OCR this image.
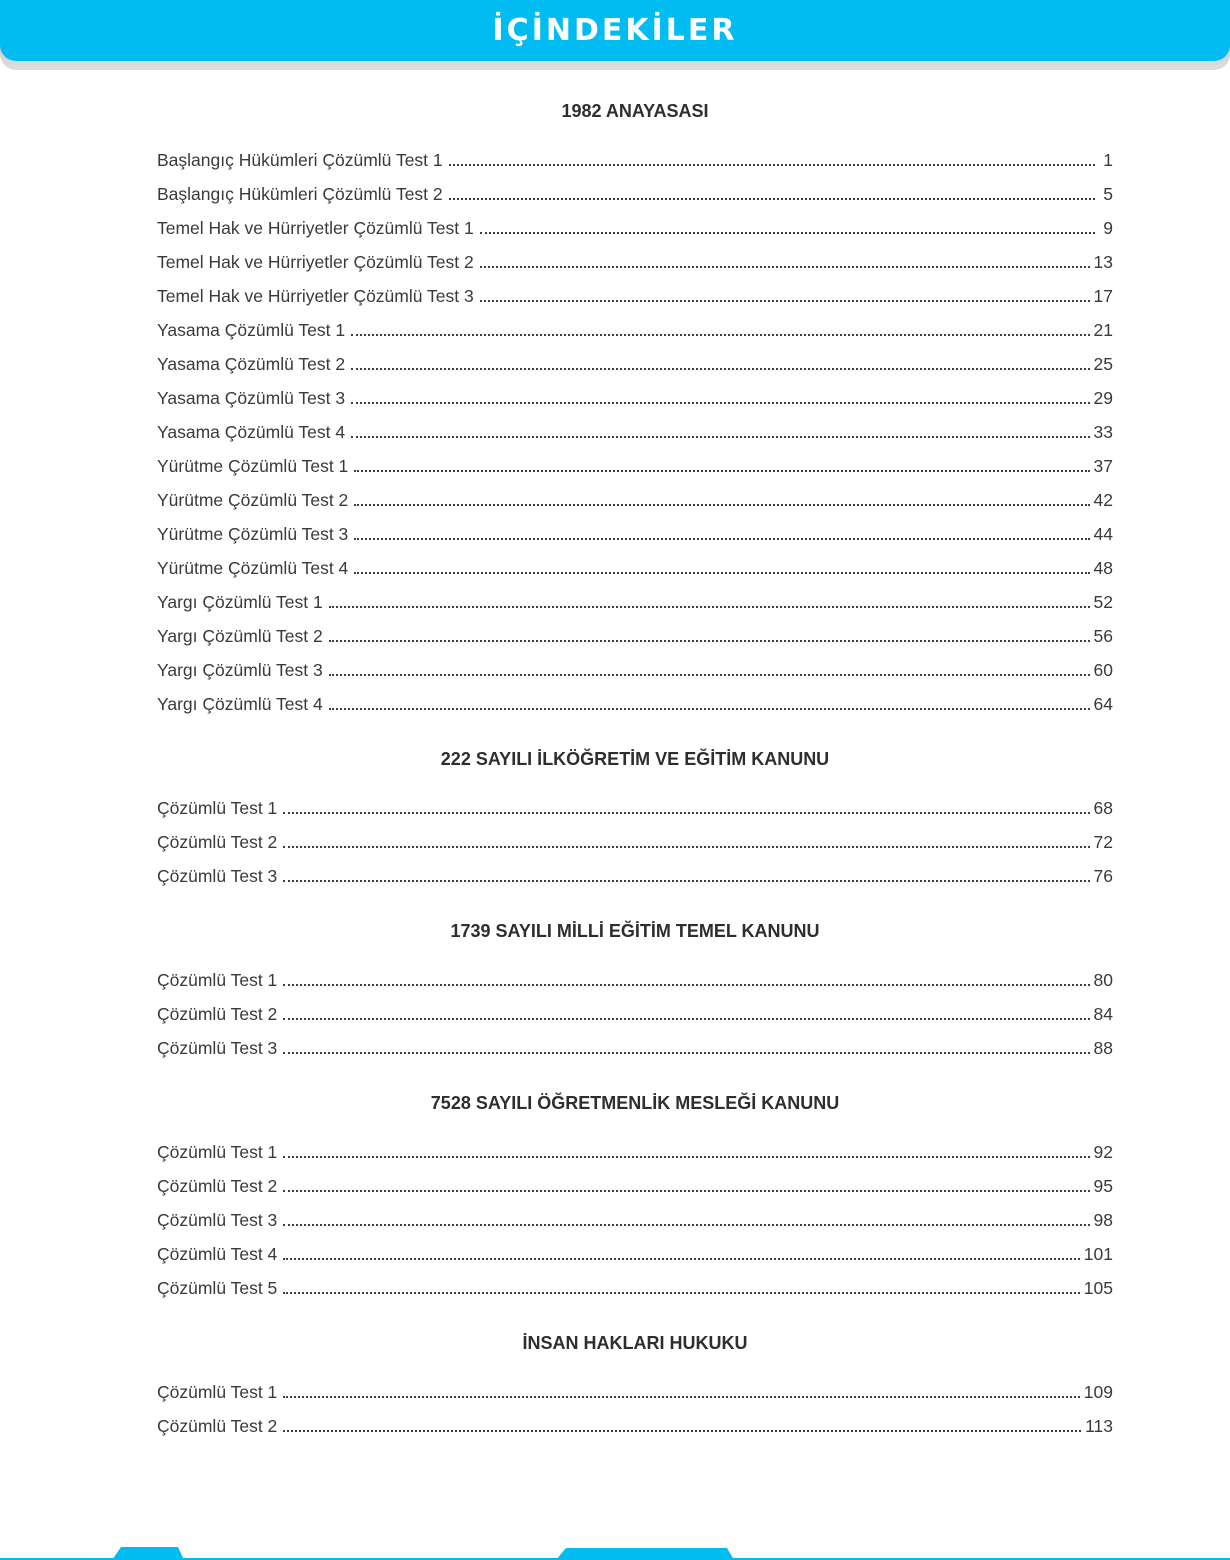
İÇİNDEKİLER
1982 ANAYASASI
Başlangıç Hükümleri Çözümlü Test 1	1
Başlangıç Hükümleri Çözümlü Test 2	5
Temel Hak ve Hürriyetler Çözümlü Test 1	9
Temel Hak ve Hürriyetler Çözümlü Test 2	13
Temel Hak ve Hürriyetler Çözümlü Test 3	17
Yasama Çözümlü Test 1	21
Yasama Çözümlü Test 2	25
Yasama Çözümlü Test 3	29
Yasama Çözümlü Test 4	33
Yürütme Çözümlü Test 1	37
Yürütme Çözümlü Test 2	42
Yürütme Çözümlü Test 3	44
Yürütme Çözümlü Test 4	48
Yargı Çözümlü Test 1	52
Yargı Çözümlü Test 2	56
Yargı Çözümlü Test 3	60
Yargı Çözümlü Test 4	64
222 SAYILI İLKÖĞRETİM VE EĞİTİM KANUNU
Çözümlü Test 1	68
Çözümlü Test 2	72
Çözümlü Test 3	76
1739 SAYILI MİLLİ EĞİTİM TEMEL KANUNU
Çözümlü Test 1	80
Çözümlü Test 2	84
Çözümlü Test 3	88
7528 SAYILI ÖĞRETMENLİK MESLEĞİ KANUNU
Çözümlü Test 1	92
Çözümlü Test 2	95
Çözümlü Test 3	98
Çözümlü Test 4	101
Çözümlü Test 5	105
İNSAN HAKLARI HUKUKU
Çözümlü Test 1	109
Çözümlü Test 2	113
